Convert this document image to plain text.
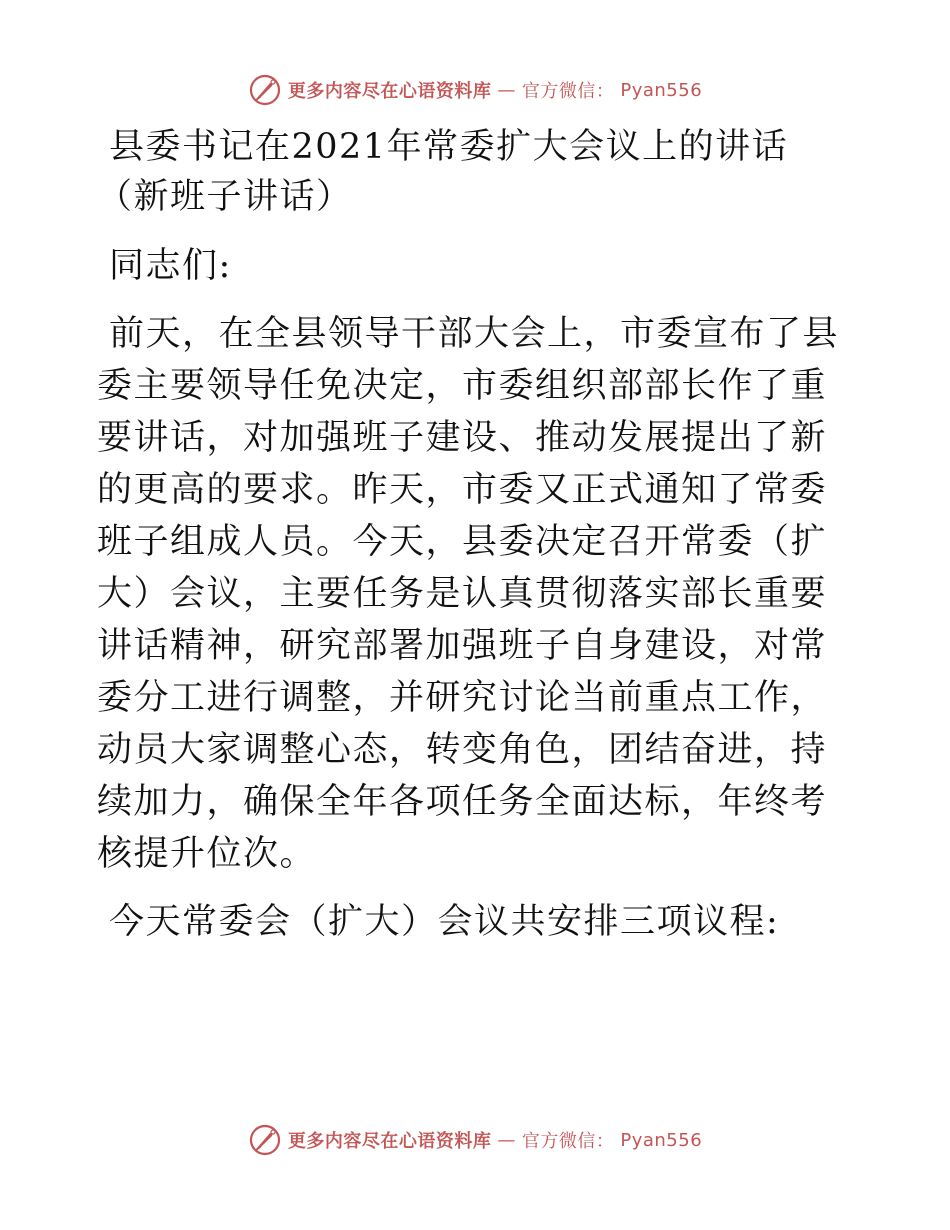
更多内容尽在心语资料库 — 官方微信： Pyan556
县委书记在2021年常委扩大会议上的讲话（新班子讲话）

同志们:

前天，在全县领导干部大会上，市委宣布了县委主要领导任免决定，市委组织部部长作了重要讲话，对加强班子建设、推动发展提出了新的更高的要求。昨天，市委又正式通知了常委班子组成人员。今天，县委决定召开常委（扩大）会议，主要任务是认真贯彻落实部长重要讲话精神，研究部署加强班子自身建设，对常委分工进行调整，并研究讨论当前重点工作，动员大家调整心态，转变角色，团结奋进，持续加力，确保全年各项任务全面达标，年终考核提升位次。

今天常委会（扩大）会议共安排三项议程:

更多内容尽在心语资料库 — 官方微信： Pyan556
